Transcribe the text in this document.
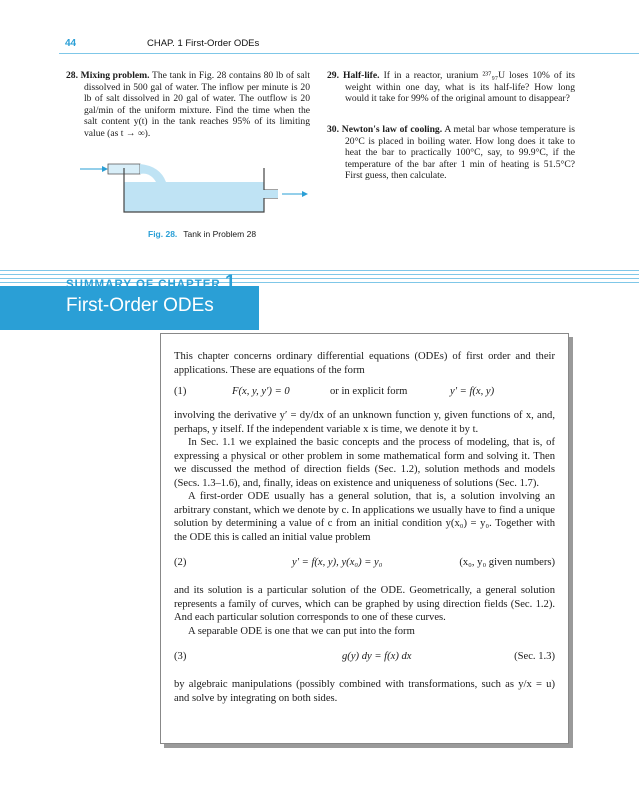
44	CHAP. 1 First-Order ODEs
28. Mixing problem. The tank in Fig. 28 contains 80 lb of salt dissolved in 500 gal of water. The inflow per minute is 20 lb of salt dissolved in 20 gal of water. The outflow is 20 gal/min of the uniform mixture. Find the time when the salt content y(t) in the tank reaches 95% of its limiting value (as t → ∞).
29. Half-life. If in a reactor, uranium ²³⁷₉₇U loses 10% of its weight within one day, what is its half-life? How long would it take for 99% of the original amount to disappear?
30. Newton's law of cooling. A metal bar whose temperature is 20°C is placed in boiling water. How long does it take to heat the bar to practically 100°C, say, to 99.9°C, if the temperature of the bar after 1 min of heating is 51.5°C? First guess, then calculate.
Fig. 28. Tank in Problem 28
SUMMARY OF CHAPTER 1
First-Order ODEs

This chapter concerns ordinary differential equations (ODEs) of first order and their applications. These are equations of the form

(1)	F(x, y, y′) = 0	or in explicit form	y′ = f(x, y)

involving the derivative y′ = dy/dx of an unknown function y, given functions of x, and, perhaps, y itself. If the independent variable x is time, we denote it by t.

In Sec. 1.1 we explained the basic concepts and the process of modeling, that is, of expressing a physical or other problem in some mathematical form and solving it. Then we discussed the method of direction fields (Sec. 1.2), solution methods and models (Secs. 1.3–1.6), and, finally, ideas on existence and uniqueness of solutions (Sec. 1.7).

A first-order ODE usually has a general solution, that is, a solution involving an arbitrary constant, which we denote by c. In applications we usually have to find a unique solution by determining a value of c from an initial condition y(x₀) = y₀. Together with the ODE this is called an initial value problem

(2)	y′ = f(x, y), y(x₀) = y₀	(x₀, y₀ given numbers)

and its solution is a particular solution of the ODE. Geometrically, a general solution represents a family of curves, which can be graphed by using direction fields (Sec. 1.2). And each particular solution corresponds to one of these curves.

A separable ODE is one that we can put into the form

(3)	g(y) dy = f(x) dx	(Sec. 1.3)

by algebraic manipulations (possibly combined with transformations, such as y/x = u) and solve by integrating on both sides.
